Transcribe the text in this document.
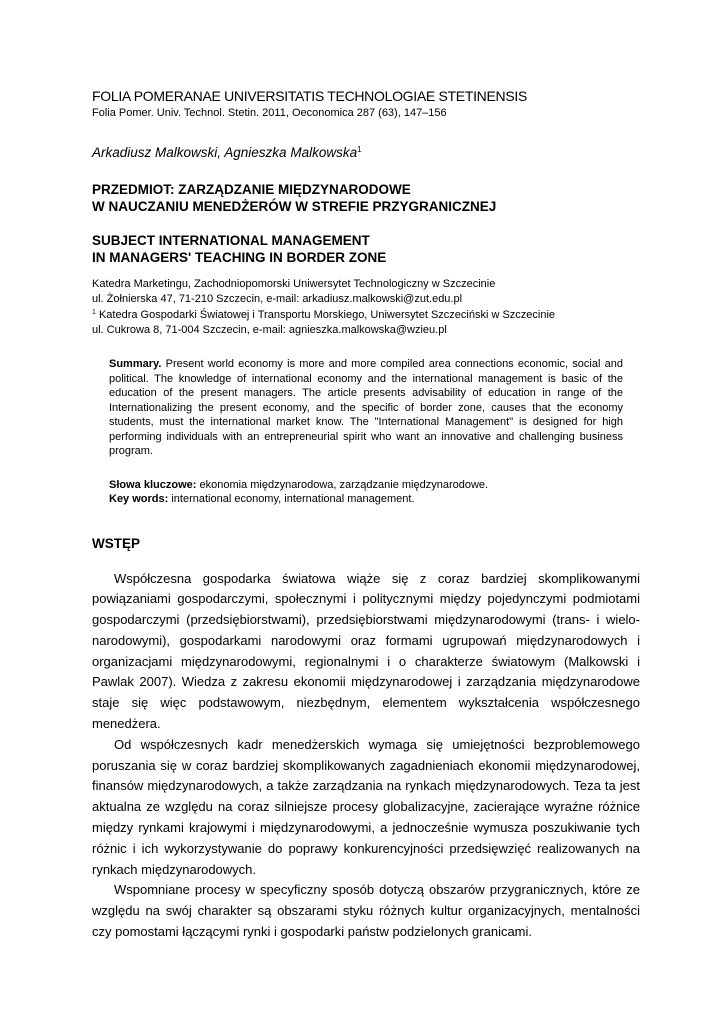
FOLIA POMERANAE UNIVERSITATIS TECHNOLOGIAE STETINENSIS

Folia Pomer. Univ. Technol. Stetin. 2011, Oeconomica 287 (63), 147–156

Arkadiusz Malkowski, Agnieszka Malkowska$^1$

PRZEDMIOT: ZARZĄDZANIE MIĘDZYNARODOWE

W NAUCZANIU MENEDŻERÓW W STREFIE PRZYGRANICZNEJ

SUBJECT INTERNATIONAL MANAGEMENT

IN MANAGERS' TEACHING IN BORDER ZONE

Katedra Marketingu, Zachodniopomorski Uniwersytet Technologiczny w Szczecinie
ul. Żołnierska 47, 71-210 Szczecin, e-mail: arkadiusz.malkowski@zut.edu.pl
$^1$ Katedra Gospodarki Światowej i Transportu Morskiego, Uniwersytet Szczeciński w Szczecinie
ul. Cukrowa 8, 71-004 Szczecin, e-mail: agnieszka.malkowska@wzieu.pl
Summary. Present world economy is more and more compiled area connections economic, social and political. The knowledge of international economy and the international management is basic of the education of the present managers. The article presents advisability of education in range of the Internationalizing the present economy, and the specific of border zone, causes that the economy students, must the international market know. The "International Management" is designed for high performing individuals with an entrepreneurial spirit who want an innovative and challenging business program.
Słowa kluczowe: ekonomia międzynarodowa, zarządzanie międzynarodowe.
Key words: international economy, international management.

WSTĘP

Współczesna gospodarka światowa wiąże się z coraz bardziej skomplikowanymi powiązaniami gospodarczymi, społecznymi i politycznymi między pojedynczymi podmiotami gospodarczymi (przedsiębiorstwami), przedsiębiorstwami międzynarodowymi (trans- i wielo- narodowymi), gospodarkami narodowymi oraz formami ugrupowań międzynarodowych i organizacjami międzynarodowymi, regionalnymi i o charakterze światowym (Malkowski i Pawlak 2007). Wiedza z zakresu ekonomii międzynarodowej i zarządzania międzynarodowe staje się więc podstawowym, niezbędnym, elementem wykształcenia współczesnego menedżera.

Od współczesnych kadr menedżerskich wymaga się umiejętności bezproblemowego poruszania się w coraz bardziej skomplikowanych zagadnieniach ekonomii międzynarodowej, finansów międzynarodowych, a także zarządzania na rynkach międzynarodowych. Teza ta jest aktualna ze względu na coraz silniejsze procesy globalizacyjne, zacierające wyraźne różnice między rynkami krajowymi i międzynarodowymi, a jednocześnie wymusza poszukiwanie tych różnic i ich wykorzystywanie do poprawy konkurencyjności przedsięwzięć realizowanych na rynkach międzynarodowych.

Wspomniane procesy w specyficzny sposób dotyczą obszarów przygranicznych, które ze względu na swój charakter są obszarami styku różnych kultur organizacyjnych, mentalności czy pomostami łączącymi rynki i gospodarki państw podzielonych granicami.
